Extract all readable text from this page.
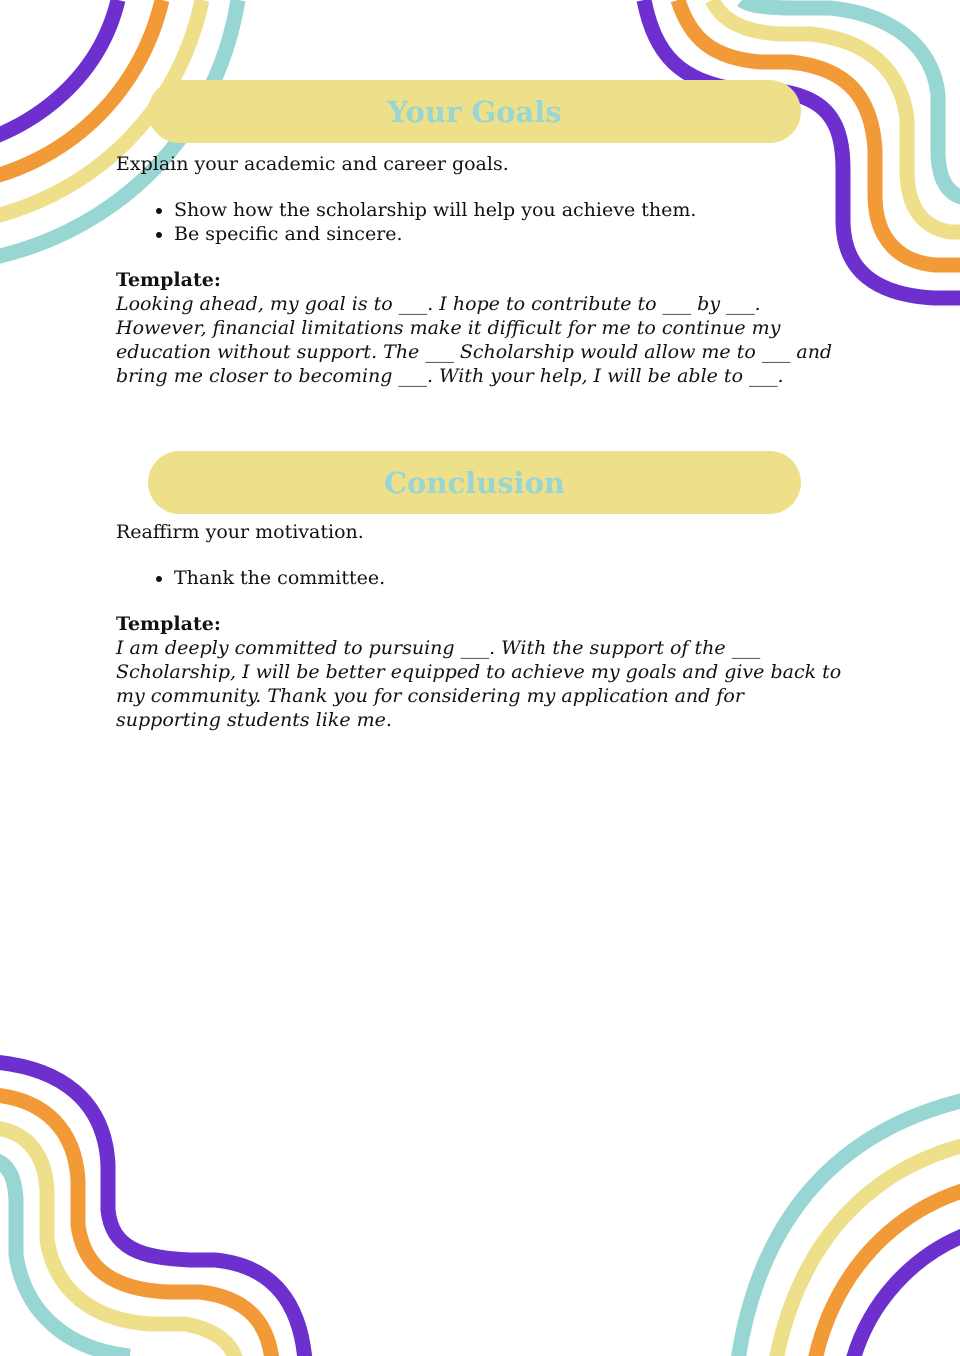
Your Goals

Explain your academic and career goals.

• Show how the scholarship will help you achieve them.
• Be specific and sincere.

Template:

Looking ahead, my goal is to ___. I hope to contribute to ___ by ___. However, financial limitations make it difficult for me to continue my education without support. The ___ Scholarship would allow me to ___ and bring me closer to becoming ___. With your help, I will be able to ___.

Conclusion

Reaffirm your motivation.

• Thank the committee.

Template:

I am deeply committed to pursuing ___. With the support of the ___ Scholarship, I will be better equipped to achieve my goals and give back to my community. Thank you for considering my application and for supporting students like me.
